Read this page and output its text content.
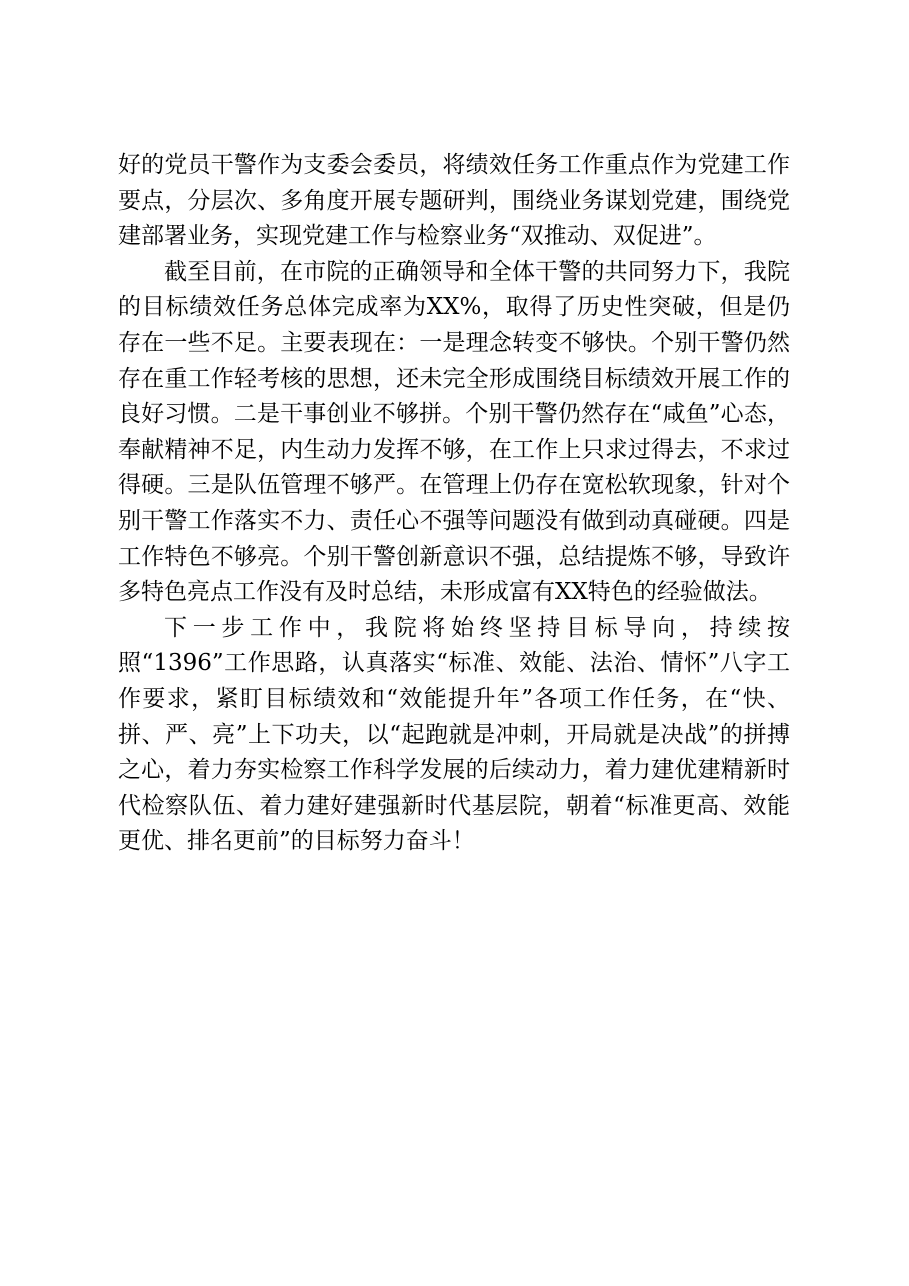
好的党员干警作为支委会委员，将绩效任务工作重点作为党建工作要点，分层次、多角度开展专题研判，围绕业务谋划党建，围绕党建部署业务，实现党建工作与检察业务“双推动、双促进”。

截至目前，在市院的正确领导和全体干警的共同努力下，我院的目标绩效任务总体完成率为XX%，取得了历史性突破，但是仍存在一些不足。主要表现在：一是理念转变不够快。个别干警仍然存在重工作轻考核的思想，还未完全形成围绕目标绩效开展工作的良好习惯。二是干事创业不够拼。个别干警仍然存在“咸鱼”心态，奉献精神不足，内生动力发挥不够，在工作上只求过得去，不求过得硬。三是队伍管理不够严。在管理上仍存在宽松软现象，针对个别干警工作落实不力、责任心不强等问题没有做到动真碰硬。四是工作特色不够亮。个别干警创新意识不强，总结提炼不够，导致许多特色亮点工作没有及时总结，未形成富有XX特色的经验做法。

下一步工作中，我院将始终坚持目标导向，持续按照“1396”工作思路，认真落实“标准、效能、法治、情怀”八字工作要求，紧盯目标绩效和“效能提升年”各项工作任务，在“快、拼、严、亮”上下功夫，以“起跑就是冲刺，开局就是决战”的拼搏之心，着力夯实检察工作科学发展的后续动力，着力建优建精新时代检察队伍、着力建好建强新时代基层院，朝着“标准更高、效能更优、排名更前”的目标努力奋斗！
